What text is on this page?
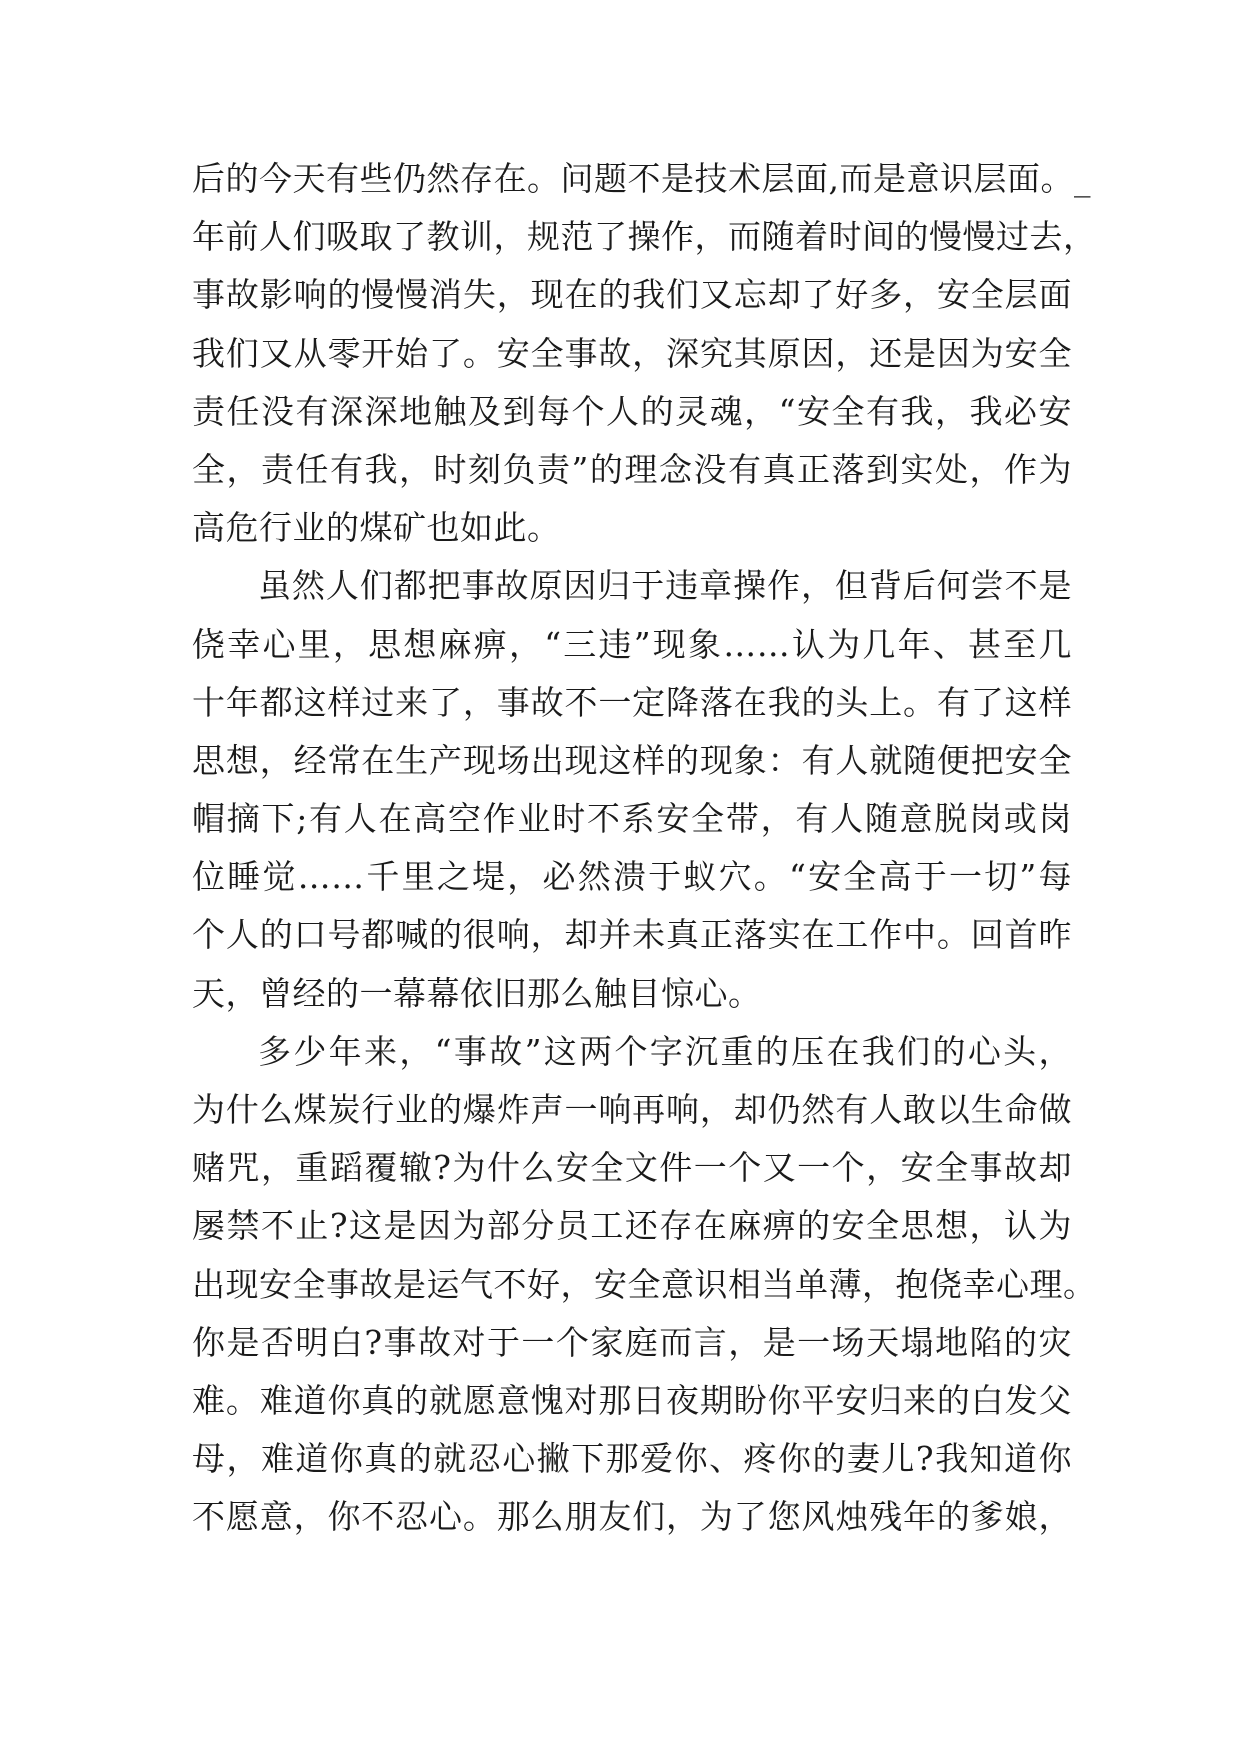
后的今天有些仍然存在。问题不是技术层面,而是意识层面。_
年前人们吸取了教训，规范了操作，而随着时间的慢慢过去，
事故影响的慢慢消失，现在的我们又忘却了好多，安全层面
我们又从零开始了。安全事故，深究其原因，还是因为安全
责任没有深深地触及到每个人的灵魂，“安全有我，我必安
全，责任有我，时刻负责”的理念没有真正落到实处，作为
高危行业的煤矿也如此。
虽然人们都把事故原因归于违章操作，但背后何尝不是
侥幸心里，思想麻痹，“三违”现象……认为几年、甚至几
十年都这样过来了，事故不一定降落在我的头上。有了这样
思想，经常在生产现场出现这样的现象：有人就随便把安全
帽摘下;有人在高空作业时不系安全带，有人随意脱岗或岗
位睡觉……千里之堤，必然溃于蚁穴。“安全高于一切”每
个人的口号都喊的很响，却并未真正落实在工作中。回首昨
天，曾经的一幕幕依旧那么触目惊心。
多少年来，“事故”这两个字沉重的压在我们的心头，
为什么煤炭行业的爆炸声一响再响，却仍然有人敢以生命做
赌咒，重蹈覆辙?为什么安全文件一个又一个，安全事故却
屡禁不止?这是因为部分员工还存在麻痹的安全思想，认为
出现安全事故是运气不好，安全意识相当单薄，抱侥幸心理。
你是否明白?事故对于一个家庭而言，是一场天塌地陷的灾
难。难道你真的就愿意愧对那日夜期盼你平安归来的白发父
母，难道你真的就忍心撇下那爱你、疼你的妻儿?我知道你
不愿意，你不忍心。那么朋友们，为了您风烛残年的爹娘，
